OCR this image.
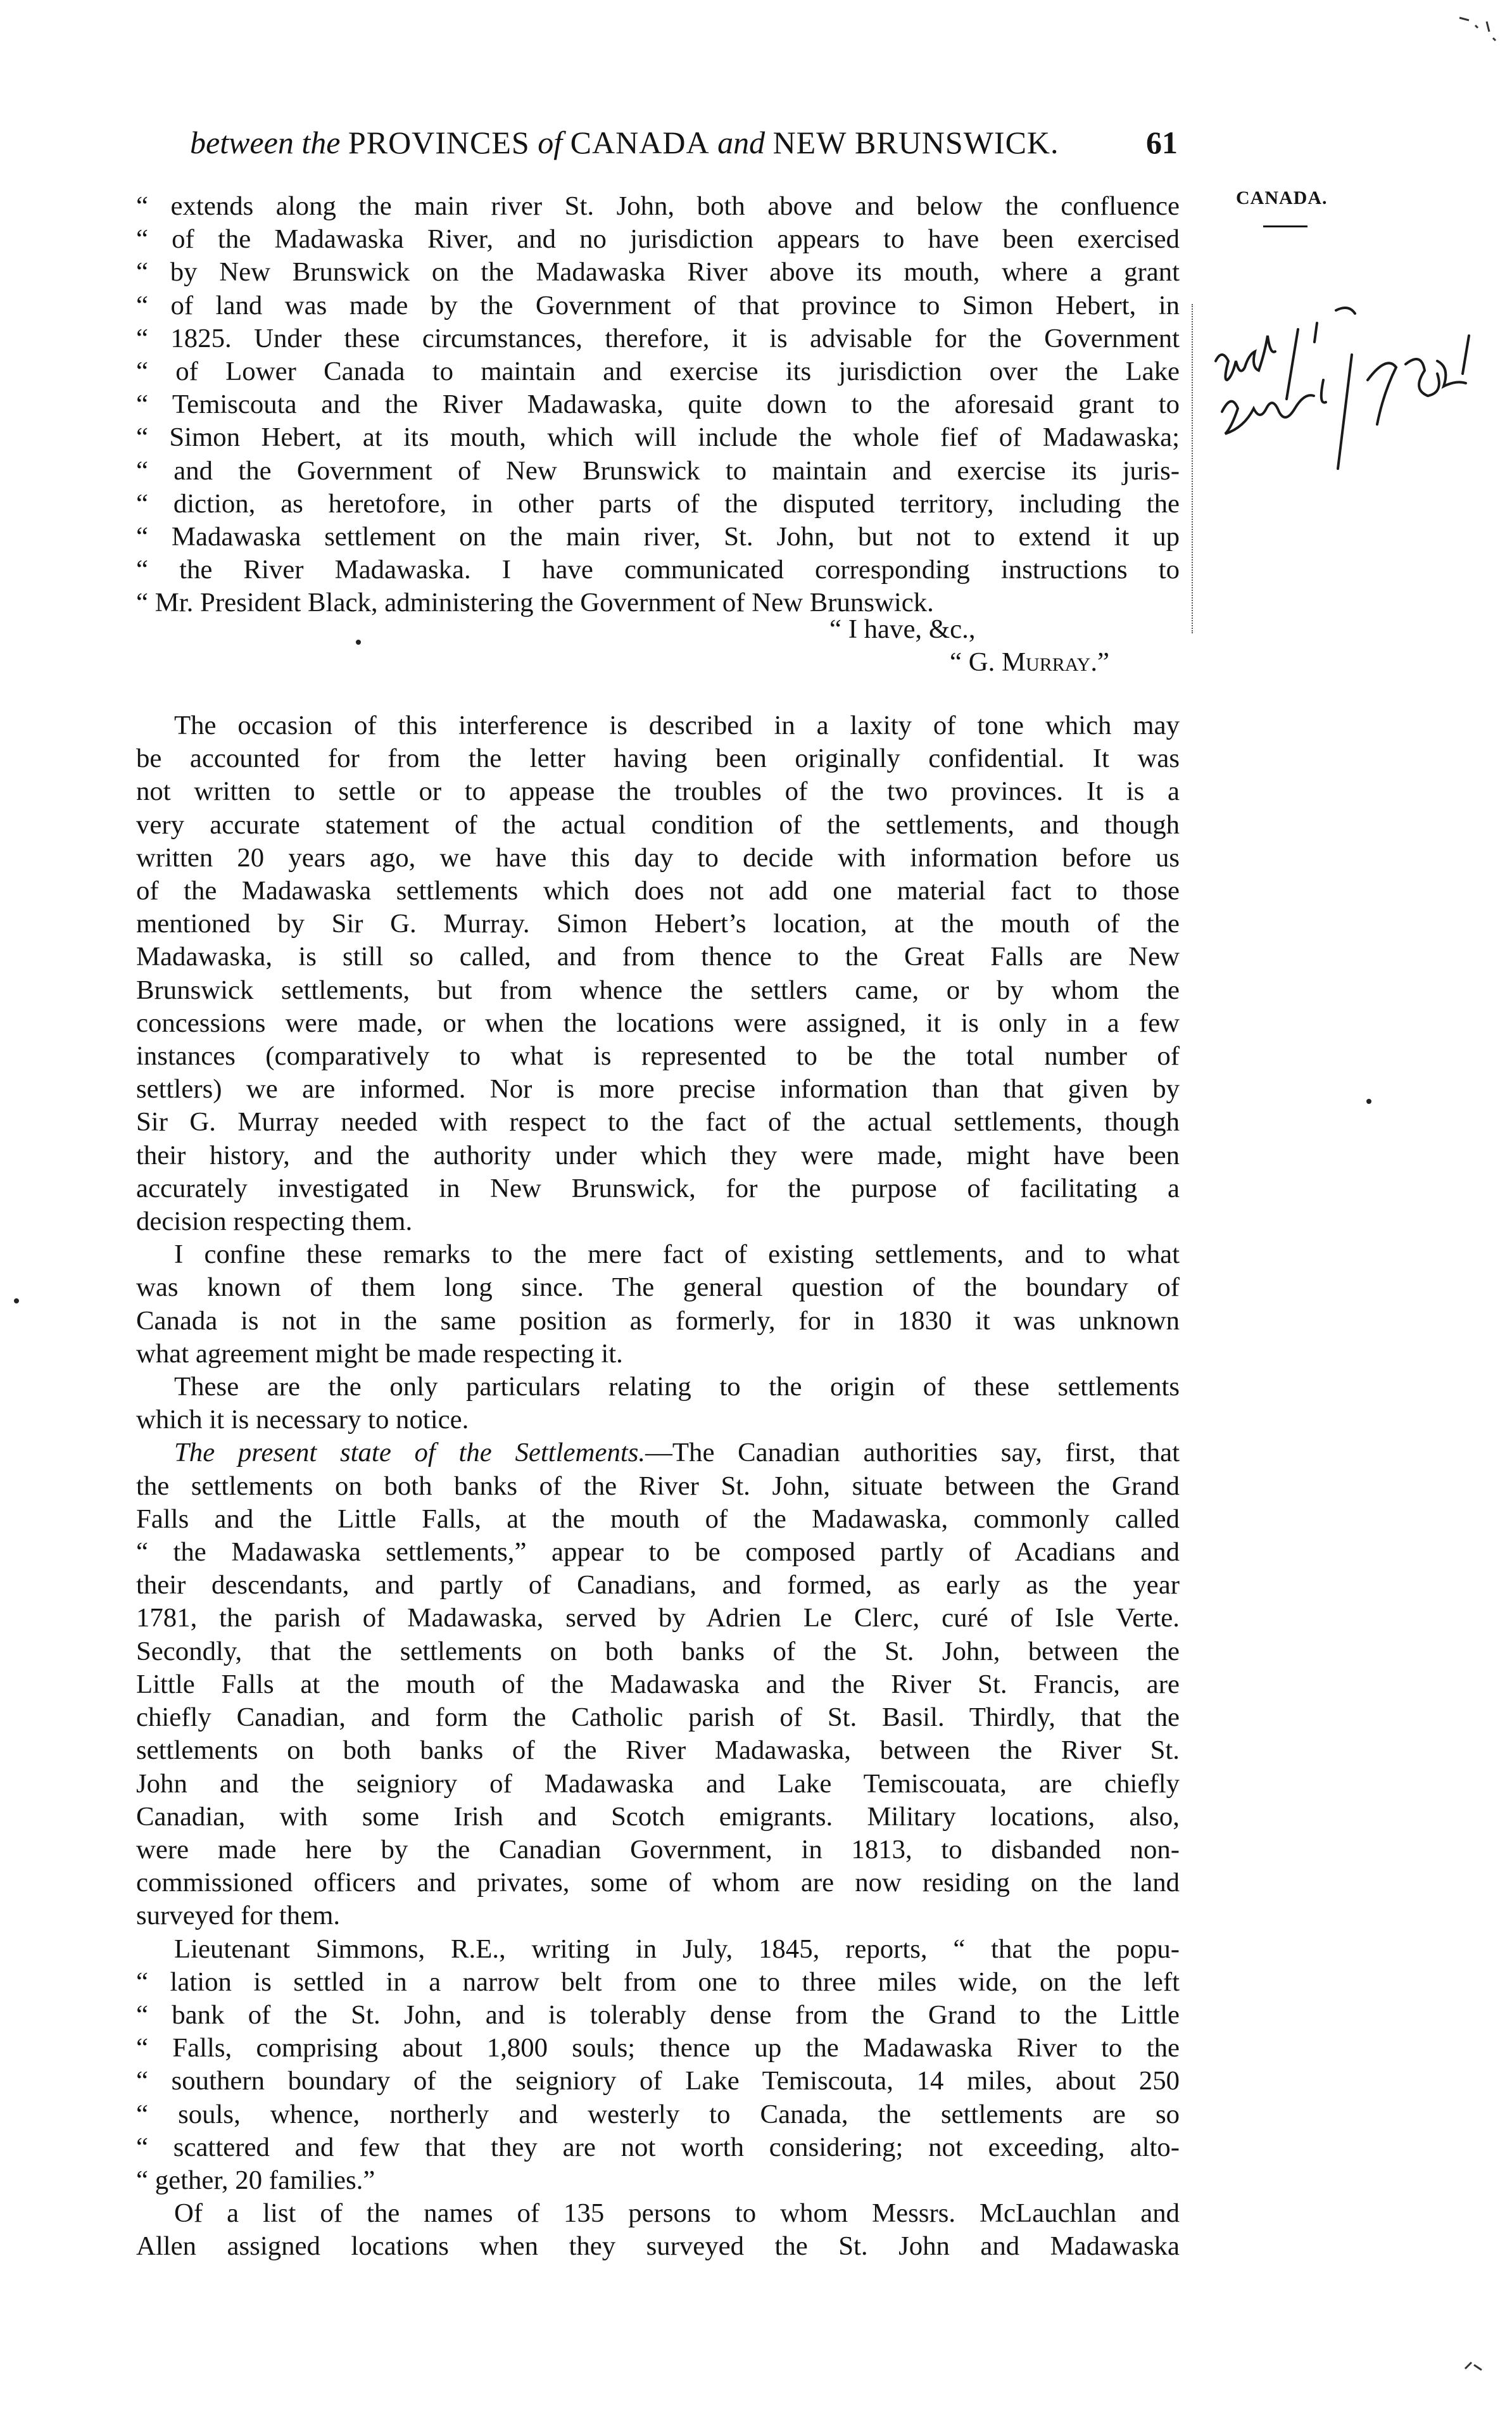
between the PROVINCES of CANADA and NEW BRUNSWICK.	61
CANADA.
“ extends along the main river St. John, both above and below the confluence
“ of the Madawaska River, and no jurisdiction appears to have been exercised
“ by New Brunswick on the Madawaska River above its mouth, where a grant
“ of land was made by the Government of that province to Simon Hebert, in
“ 1825. Under these circumstances, therefore, it is advisable for the Government
“ of Lower Canada to maintain and exercise its jurisdiction over the Lake
“ Temiscouta and the River Madawaska, quite down to the aforesaid grant to
“ Simon Hebert, at its mouth, which will include the whole fief of Madawaska;
“ and the Government of New Brunswick to maintain and exercise its juris-
“ diction, as heretofore, in other parts of the disputed territory, including the
“ Madawaska settlement on the main river, St. John, but not to extend it up
“ the River Madawaska. I have communicated corresponding instructions to
“ Mr. President Black, administering the Government of New Brunswick.
“ I have, &c.,
“ G. Murray.”

The occasion of this interference is described in a laxity of tone which may
be accounted for from the letter having been originally confidential. It was
not written to settle or to appease the troubles of the two provinces. It is a
very accurate statement of the actual condition of the settlements, and though
written 20 years ago, we have this day to decide with information before us
of the Madawaska settlements which does not add one material fact to those
mentioned by Sir G. Murray. Simon Hebert’s location, at the mouth of the
Madawaska, is still so called, and from thence to the Great Falls are New
Brunswick settlements, but from whence the settlers came, or by whom the
concessions were made, or when the locations were assigned, it is only in a few
instances (comparatively to what is represented to be the total number of
settlers) we are informed. Nor is more precise information than that given by
Sir G. Murray needed with respect to the fact of the actual settlements, though
their history, and the authority under which they were made, might have been
accurately investigated in New Brunswick, for the purpose of facilitating a
decision respecting them.

I confine these remarks to the mere fact of existing settlements, and to what
was known of them long since. The general question of the boundary of
Canada is not in the same position as formerly, for in 1830 it was unknown
what agreement might be made respecting it.

These are the only particulars relating to the origin of these settlements
which it is necessary to notice.

The present state of the Settlements.—The Canadian authorities say, first, that
the settlements on both banks of the River St. John, situate between the Grand
Falls and the Little Falls, at the mouth of the Madawaska, commonly called
“ the Madawaska settlements,” appear to be composed partly of Acadians and
their descendants, and partly of Canadians, and formed, as early as the year
1781, the parish of Madawaska, served by Adrien Le Clerc, curé of Isle Verte.
Secondly, that the settlements on both banks of the St. John, between the
Little Falls at the mouth of the Madawaska and the River St. Francis, are
chiefly Canadian, and form the Catholic parish of St. Basil. Thirdly, that the
settlements on both banks of the River Madawaska, between the River St.
John and the seigniory of Madawaska and Lake Temiscouata, are chiefly
Canadian, with some Irish and Scotch emigrants. Military locations, also,
were made here by the Canadian Government, in 1813, to disbanded non-
commissioned officers and privates, some of whom are now residing on the land
surveyed for them.

Lieutenant Simmons, R.E., writing in July, 1845, reports, “ that the popu-
“ lation is settled in a narrow belt from one to three miles wide, on the left
“ bank of the St. John, and is tolerably dense from the Grand to the Little
“ Falls, comprising about 1,800 souls; thence up the Madawaska River to the
“ southern boundary of the seigniory of Lake Temiscouta, 14 miles, about 250
“ souls, whence, northerly and westerly to Canada, the settlements are so
“ scattered and few that they are not worth considering; not exceeding, alto-
“ gether, 20 families.”

Of a list of the names of 135 persons to whom Messrs. McLauchlan and
Allen assigned locations when they surveyed the St. John and Madawaska
